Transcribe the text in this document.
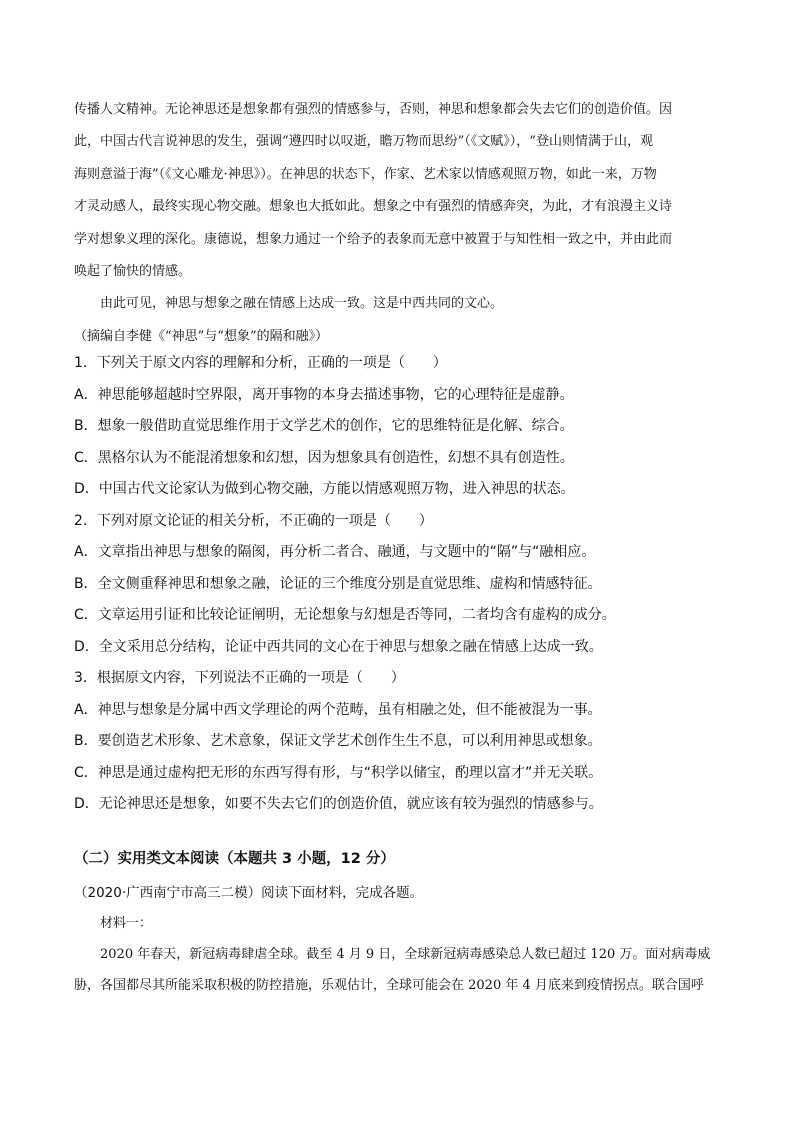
传播人文精神。无论神思还是想象都有强烈的情感参与，否则，神思和想象都会失去它们的创造价值。因

此，中国古代言说神思的发生，强调“遵四时以叹逝，瞻万物而思纷”（《文赋》），“登山则情满于山，观

海则意溢于海”（《文心雕龙·神思》）。在神思的状态下，作家、艺术家以情感观照万物，如此一来，万物

才灵动感人，最终实现心物交融。想象也大抵如此。想象之中有强烈的情感奔突，为此，才有浪漫主义诗

学对想象义理的深化。康德说，想象力通过一个给予的表象而无意中被置于与知性相一致之中，并由此而

唤起了愉快的情感。

由此可见，神思与想象之融在情感上达成一致。这是中西共同的文心。

（摘编自李健《“神思”与“想象”的隔和融》）

1．下列关于原文内容的理解和分析，正确的一项是（　　）

A．神思能够超越时空界限，离开事物的本身去描述事物，它的心理特征是虚静。

B．想象一般借助直觉思维作用于文学艺术的创作，它的思维特征是化解、综合。

C．黑格尔认为不能混淆想象和幻想，因为想象具有创造性，幻想不具有创造性。

D．中国古代文论家认为做到心物交融，方能以情感观照万物，进入神思的状态。

2．下列对原文论证的相关分析，不正确的一项是（　　）

A．文章指出神思与想象的隔阂，再分析二者合、融通，与文题中的“隔”与“融相应。

B．全文侧重释神思和想象之融，论证的三个维度分别是直觉思维、虚构和情感特征。

C．文章运用引证和比较论证阐明，无论想象与幻想是否等同，二者均含有虚构的成分。

D．全文采用总分结构，论证中西共同的文心在于神思与想象之融在情感上达成一致。

3．根据原文内容，下列说法不正确的一项是（　　）

A．神思与想象是分属中西文学理论的两个范畴，虽有相融之处，但不能被混为一事。

B．要创造艺术形象、艺术意象，保证文学艺术创作生生不息，可以利用神思或想象。

C．神思是通过虚构把无形的东西写得有形，与“积学以储宝，酌理以富才”并无关联。

D．无论神思还是想象，如要不失去它们的创造价值，就应该有较为强烈的情感参与。

（二）实用类文本阅读（本题共 3 小题，12 分）
（2020·广西南宁市高三二模）阅读下面材料，完成各题。

材料一：

2020 年春天，新冠病毒肆虐全球。截至 4 月 9 日，全球新冠病毒感染总人数已超过 120 万。面对病毒威

胁，各国都尽其所能采取积极的防控措施，乐观估计，全球可能会在 2020 年 4 月底来到疫情拐点。联合国呼
